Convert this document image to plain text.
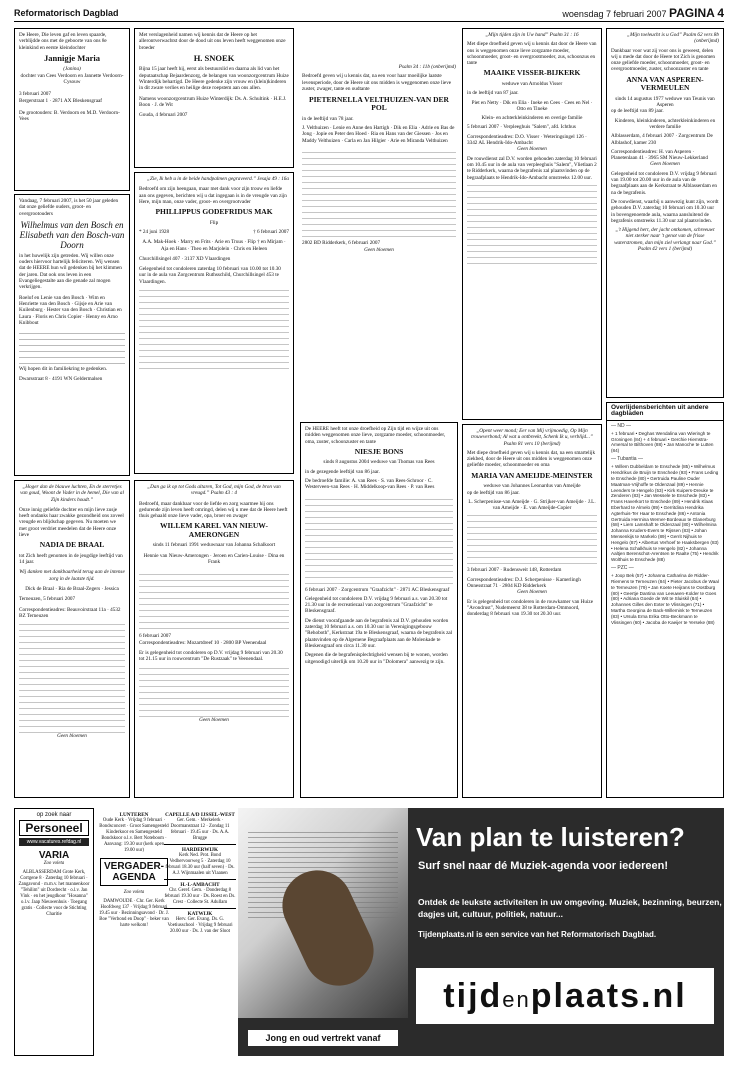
Reformatorisch Dagblad	woensdag 7 februari 2007 PAGINA 4
De Heere, Die leven gaf en leven spaarde, verblijdde ons met de geboorte van ons 8e kleinkind en eerste kleindochter
Jannigje Maria
(Janina)
dochter van Cees Verdoorn en Jannette Verdoorn-Cysouw
3 februari 2007
Bergerstraat 1 · 2871 AX Bleskensgraaf
De grootouders: B. Verdoorn en M.D. Verdoorn-Vees
Vandaag, 7 februari 2007, is het 50 jaar geleden dat onze geliefde ouders, groot- en overgrootouders
Wilhelmus van den Bosch en Elisabeth van den Bosch-van Doorn
in het huwelijk zijn getreden. Wij willen onze ouders hiervoor hartelijk feliciteren. Wij wensen dat de HEERE hun wil gedenken bij het klimmen der jaren. Dat ook ons leven in een Evangeliegestalte aan die genade zal mogen verkrijgen.
Roelof en Lenie van den Bosch · Wim en Henriette van den Bosch · Gijsje en Arie van Kuilenburg · Hester van den Bosch · Christian en Laura · Floris en Chris Copier · Henny en Arno Knibbout
Wij hopen dit in familiekring te gedenken.
Dwarsstraat 8 · 4191 WN Geldermalsen
„Hoger dan de blauwe luchten, En de sterretjes van goud, Woont de Vader in de hemel, Die van al Zijn kinders houdt.”
Onze innig geliefde dochter en mijn lieve zusje heeft ondanks haar zwakke gezondheid ons zoveel vreugde en blijdschap gegeven. Nu moeten we met groot verdriet meedelen dat de Heere onze lieve
NADIA DE BRAAL
tot Zich heeft genomen in de jeugdige leeftijd van 14 jaar.
Wij danken met dankbaarheid terug aan de intense zorg in de laatste tijd.
Dick de Braal · Ria de Braal-Zegers · Jessica
Terneuzen, 5 februari 2007
Correspondentieadres: Beauvoirstraat 11a · 4532 BZ Terneuzen
Geen bloemen
Met verslagenheid namen wij kennis dat de Heere op het allerontverwachtst door de dood uit ons leven heeft weggenomen onze broeder
H. SNOEK
Bijna 15 jaar heeft hij, eerst als bestuurslid en daarna als lid van het deputaatschap Bejaardenzorg, de belangen van woonzorgcentrum Huize Winterdijk behartigd. De Heere gedenke zijn vrouw en (klein)kinderen in dit zware verlies en heilige deze roepstem aan ons allen.
Namens woonzorgcentrum Huize Winterdijk: Ds. A. Schultink · H.E.J. Boon · J. de Wit
Gouda, 4 februari 2007
„Zie, Ik heb u in de beide handpalmen gegraveerd.” Jesaja 49 : 16a
Bedroefd om zijn heengaan, maar met dank voor zijn trouw en liefde aan ons gegeven, berichten wij u dat ingegaan is in de vreugde van zijn Here, mijn man, onze vader, groot- en overgrootvader
PHILLIPPUS GODEFRIDUS MAK
Flip
* 24 juni 1928	† 6 februari 2007
A.A. Mak-Hoek · Marry en Frits · Arie en Truus · Flip † en Mirjam · Aja en Hans · Theo en Marjolein · Chris en Heleen
Churchillsingel 407 · 3137 XD Vlaardingen
Gelegenheid tot condoleren zaterdag 10 februari van 10.00 tot 10.30 uur in de aula van Zorgcentrum Ruthsschild, Churchillsingel 453 te Vlaardingen.
„Dan ga ik op tot Gods altaren, Tot God, mijn God, de bron van vreugd.” Psalm 43 : 4
Bedroefd, maar dankbaar voor de liefde en zorg waarmee hij ons gedurende zijn leven heeft omringd, delen wij u mee dat de Heere heeft thuis gehaald onze lieve vader, opa, broer en zwager
WILLEM KAREL VAN NIEUW-AMERONGEN
sinds 11 februari 1991 weduwnaar van Johanna Schalkoort
Hennie van Nieuw-Amerongen · Jeroen en Carien-Louise · Dina en Frank
6 februari 2007
Correspondentieadres: Mozartdreef 10 · 2800 BP Veenendaal
Er is gelegenheid tot condoleren op D.V. vrijdag 9 februari van 20.30 tot 21.15 uur in rouwcentrum "De Rustzaak" te Veenendaal.
Geen bloemen
Psalm 34 : 11b (onberijmd)
Bedroefd geven wij u kennis dat, na een voor haar moeilijke laatste levensperiode, door de Heere uit ons midden is weggenomen onze lieve zuster, zwager, tante en oudtante
PIETERNELLA VELTHUIZEN-VAN DER POL
in de leeftijd van 78 jaar.
J. Velthuizen · Lenie en Anne den Hartigh · Dik en Elia · Adrie en Bas de Jong · Jopie en Peter den Hoed · Ria en Hans van der Giessen · Jos en Maddy Velthuizen · Carla en Jan Hilgier · Arie en Miranda Velthuizen
2802 BD Ridderkerk, 6 februari 2007
Geen bloemen
De HEERE heeft tot onze droefheid op Zijn tijd en wijze uit ons midden weggenomen onze lieve, zorgzame moeder, schoonmoeder, oma, zuster, schoonzuster en tante
NIESJE BONS
sinds 8 augustus 2004 weduwe van Thomas van Rees
in de gezegende leeftijd van 86 jaar.
De bedroefde familie: A. van Rees · S. van Rees-Schroor · C. Westerveen-van Rees · H. Middelkoop-van Rees · P. van Rees
6 februari 2007 · Zorgcentrum "Graafzicht" · 2871 AC Bleskensgraaf
Gelegenheid tot condoleren D.V. vrijdag 9 februari a.s. van 20.30 tot 21.30 uur in de recreatiezaal van zorgcentrum "Graafzicht" te Bleskensgraaf.
De dienst voorafgaande aan de begrafenis zal D.V. gehouden worden zaterdag 10 februari a.s. om 10.30 uur in Verenigingsgebouw "Rehoboth", Kerkstraat 19a te Bleskensgraaf, waarna de begrafenis zal plaatsvinden op de Algemene Begraafplaats aan de Molenkade te Bleskensgraaf om circa 11.30 uur.
Degenen die de begrafenisplechtigheid wensen bij te wonen, worden uitgenodigd uiterlijk om 10.20 uur in "Dolomera" aanwezig te zijn.
„Mijn tijden zijn in Uw hand” Psalm 31 : 16
Met diepe droefheid geven wij u kennis dat door de Heere van ons is weggenomen onze lieve zorgzame moeder, schoonmoeder, groot- en overgrootmoeder, zus, schoonzus en tante
MAAIKE VISSER-BIJKERK
weduwe van Arnoldus Visser
in de leeftijd van 87 jaar.
Piet en Netty · Dik en Elia · Ineke en Cees · Cees en Nel · Otto en Tineke
Klein- en achterkleinkinderen en overige familie
5 februari 2007 · Verpleeghuis "Salem", afd. Ichthus
Correspondentieadres: D.O. Visser · Weteringsingel 126 · 3342 AL Hendrik-Ido-Ambacht
Geen bloemen
De rouwdienst zal D.V. worden gehouden zaterdag 10 februari om 10.45 uur in de aula van verpleeghuis "Salem", Vlietlaan 2 te Ridderkerk, waarna de begrafenis zal plaatsvinden op de begraafplaats te Hendrik-Ido-Ambacht omstreeks 12.00 uur.
„Opent weer mond; Eer van Mij vrijmoedig, Op Mijn trouwverbond; Al wat u ontbreekt, Schenk Ik u, verblijd...” Psalm 81 vers 10 (berijmd)
Met diepe droefheid geven wij u kennis dat, na een smartelijk ziekbed, door de Heere uit ons midden is weggenomen onze geliefde moeder, schoonmoeder en oma
MARIA VAN AMEIJDE-MEINSTER
weduwe van Johannes Leonardus van Ameijde
op de leeftijd van 86 jaar.
L. Scherpenisse-van Ameijde · G. Strijker-van Ameijde · J.L. van Ameijde · E. van Ameijde-Copier
3 februari 2007 · Rudensweit 148, Rotterdam
Correspondentieadres: D.J. Scherpenisse · Kamerlingh Onnesstraat 71 · 2804 KD Ridderkerk
Geen bloemen
Er is gelegenheid tot condoleren in de rouwkamer van Huize "Avondrust", Nudemeerst 38 te Rotterdam-Ommoord, donderdag 8 februari van 19.30 tot 20.30 uur.
„Mijn toeleucht is u God” Psalm 62 vers 8b (onberijmd)
Dankbaar voor wat zij voor ons is geweest, delen wij u mede dat door de Heere tot Zich is genomen onze geliefde moeder, schoonmoeder, groot- en overgrootmoeder, zuster, schoonzuster en tante
ANNA VAN ASPEREN-VERMEULEN
sinds 14 augustus 1977 weduwe van Teunis van Asperen
op de leeftijd van 89 jaar.
Kinderen, kleinkinderen, achterkleinkinderen en verdere familie
Alblasserdam, 4 februari 2007 · Zorgcentrum De Alblashof, kamer 230
Correspondentieadres: H. van Asperen · Planetenlaan 41 · 3965 SM Nieuw-Lekkerland
Geen bloemen
Gelegenheid tot condoleren D.V. vrijdag 9 februari van 19.00 tot 20.00 uur in de aula van de begraafplaats aan de Kerkstraat te Alblasserdam en na de begrafenis.
De rouwdienst, waarbij u aanwezig kunt zijn, wordt gehouden D.V. zaterdag 10 februari om 10.30 uur in bovengenoemde aula, waarna aansluitend de begrafenis omstreeks 11.30 uur zal plaatsvinden.
„'t Hijgend hert, der jacht ontkomen, schreeuwt niet sterker naar 't genot van de frisse waterstromen, dan mijn ziel verlangt naar God.” Psalm 42 vers 1 (berijmd)
Overlijdensberichten uit andere dagbladen
— ND —
+ 1 februari • Deghas Wendalina van Wieringh te Groningen (84) + 4 februari • Gerchie Hiemstra-Amersal te Bilthoven (88) • Jan Manoche te Lutten (84)
— Tubantia —
+ Willem Dubbeldam te Enschede (85) • Wilhelmus Hendrikus de Bruijn te Enschede (93) • Frans Leding te Enschede (80) • Gertruida Pauline Ouder Maatman-Vrijhoffe te Oldenzaal (89) • Hennie Leenders te Hengelo (53) • Kirk Kuipers-Dreuke te Zenderen (83) • Jan Wessele te Enschede (83) • Frans Haverkort te Enschede (89) • Hendrik Klaas Eberhard te Almelo (89) • Gerritdina Hendrika Agterhuis-Ter Haar te Enschede (86) • Antonia Gertruida Hermina Werner-Bordeaux te Glanerburg (68) • Liem Lamshaft te Oldenzaal (80) • Wilhelmina Johanna Kruders-Evers te Rijssen (83) • Johan Mensenkijs te Markelo (89) • Gerrit Nijhuis te Hengelo (87) • Albertus Verhoef te Haaksbergen (83) • Helena Schalkhuis te Hengelo (82) • Johanna Aaltjen Berenschot-Arentsen te Raalte (75) • Hendrik Wolthuis te Enschede (88)
— PZC —
+ Joop Bek (57) • Johanna Catharina de Ridder-Riemens te Terneuzen (84) • Pieter Jacobus de Waal te Terneuzen (79) • Jan Koete Heijrans te Oostburg (80) • Geertje Dantina van Leeuwen-Kolder te Goes (80) • Adriana Goede de Wit te Sluiskil (84) • Johannes Gilles den Exter te Vlissingen (71) • Martha Georgina de Back-Willemink te Terneuzen (83) • Ursula Erna Erika Otto-Beckmann te Vlissingen (60) • Jacoba de Kaeijer te Yerseke (88)
op zoek naar
Personeel
www.vacatures.refdag.nl
VARIA
Zoo voleta
ALBLASSERDAM Grote Kerk, Cortgene 8 · Zaterdag 10 februari · Zangavond · m.m.v. het mannenkoor "Tehilim" uit Dordrecht · o.l.v. Jan Vink · en het jeugdkoor "Hosanna" o.l.v. Jaap Nieuwenhuis · Toegang gratis · Collecte voor de Stichting Charitie
LUNTEREN
Oude Kerk · Vrijdag 9 februari · Bondsconcert · Groot Samengesteld Kinderkoor en Samengesteld Bondskoor o.l.v. Bert Noteboom · Aanvang: 19.30 uur (kerk open 19.00 uur)
VERGADER-AGENDA
Zoo voleta
DAMWOUDE · Chr. Ger. Kerk Hoofdweg 137 · Vrijdag 9 februari 19.45 uur · Bezinningsavond · Dr. J. Boe "Verbond en Doop" · beker van harte welkom!
CAPELLE A/D IJSSEL-WEST
Ger. Gem. · Merkelerk · Doormanstraat 12 · Zondag 11 februari · 19.45 uur · Ds. A.A. Brugge
HARDERWIJK
Kerk Ned. Prot. Bond Vedhervoorweg 5 · Zaterdag 10 februari 18.30 uur (half seven) · Ds. A.J. Wijnmaalen uit Ylaanen
H.-I.-AMBACHT
Chr. Geref. Gem. · Donderdag 8 februari 19.30 uur · Ds. Roest en Ds. Crest · Collecte St. Adullam
KATWIJK
Herv. Ger. Evang. Ds. G. Voetiusschool · Vrijdag 9 februari 20.00 uur · Ds. J. van der Sloot
Van plan te luisteren?
Surf snel naar dé Muziek-agenda voor iedereen!
Ontdek de leukste activiteiten in uw omgeving. Muziek, bezinning, beurzen, dagjes uit, cultuur, politiek, natuur...
Tijdenplaats.nl is een service van het Reformatorisch Dagblad.
tijdenplaats.nl
Jong en oud vertrekt vanaf
